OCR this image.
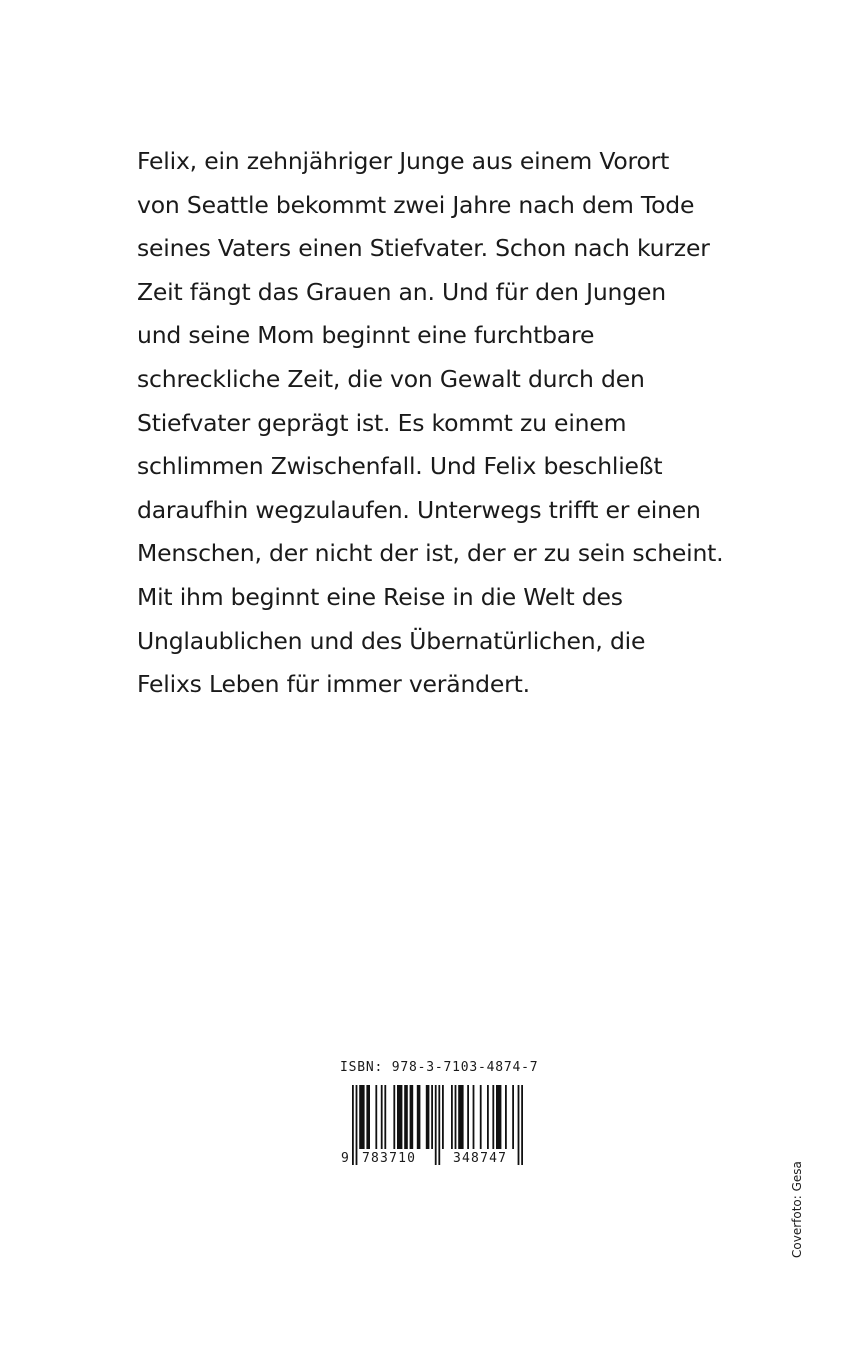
Felix, ein zehnjähriger Junge aus einem Vorort
von Seattle bekommt zwei Jahre nach dem Tode
seines Vaters einen Stiefvater. Schon nach kurzer
Zeit fängt das Grauen an. Und für den Jungen
und seine Mom beginnt eine furchtbare
schreckliche Zeit, die von Gewalt durch den
Stiefvater geprägt ist. Es kommt zu einem
schlimmen Zwischenfall. Und Felix beschließt
daraufhin wegzulaufen. Unterwegs trifft er einen
Menschen, der nicht der ist, der er zu sein scheint.
Mit ihm beginnt eine Reise in die Welt des
Unglaublichen und des Übernatürlichen, die
Felixs Leben für immer verändert.
ISBN: 978-3-7103-4874-7
9 783710	348747
Coverfoto: Gesa
